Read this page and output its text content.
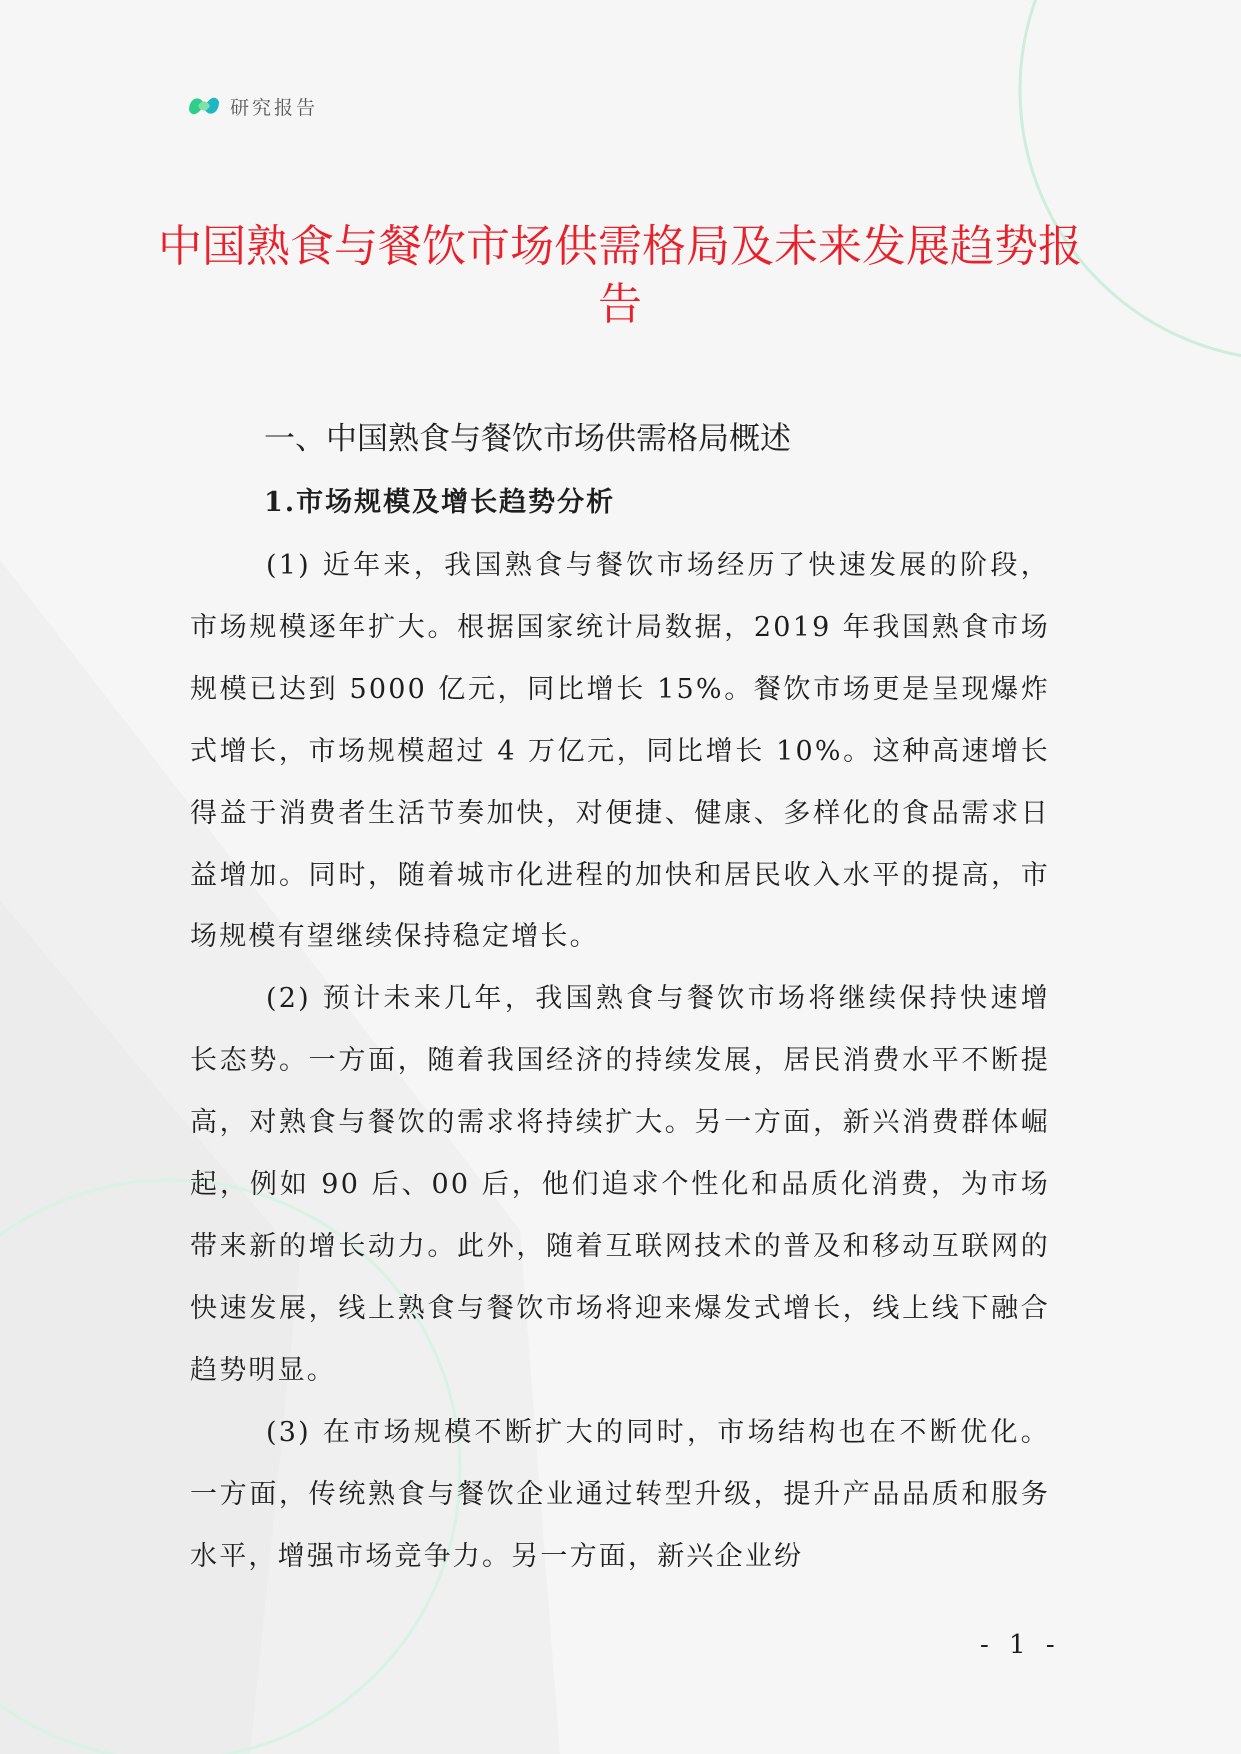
研究报告
中国熟食与餐饮市场供需格局及未来发展趋势报告
一、中国熟食与餐饮市场供需格局概述
1.市场规模及增长趋势分析

(1) 近年来，我国熟食与餐饮市场经历了快速发展的阶段，市场规模逐年扩大。根据国家统计局数据，2019 年我国熟食市场规模已达到 5000 亿元，同比增长 15%。餐饮市场更是呈现爆炸式增长，市场规模超过 4 万亿元，同比增长 10%。这种高速增长得益于消费者生活节奏加快，对便捷、健康、多样化的食品需求日益增加。同时，随着城市化进程的加快和居民收入水平的提高，市场规模有望继续保持稳定增长。

(2) 预计未来几年，我国熟食与餐饮市场将继续保持快速增长态势。一方面，随着我国经济的持续发展，居民消费水平不断提高，对熟食与餐饮的需求将持续扩大。另一方面，新兴消费群体崛起，例如 90 后、00 后，他们追求个性化和品质化消费，为市场带来新的增长动力。此外，随着互联网技术的普及和移动互联网的快速发展，线上熟食与餐饮市场将迎来爆发式增长，线上线下融合趋势明显。

(3) 在市场规模不断扩大的同时，市场结构也在不断优化。一方面，传统熟食与餐饮企业通过转型升级，提升产品品质和服务水平，增强市场竞争力。另一方面，新兴企业纷

- 1 -
